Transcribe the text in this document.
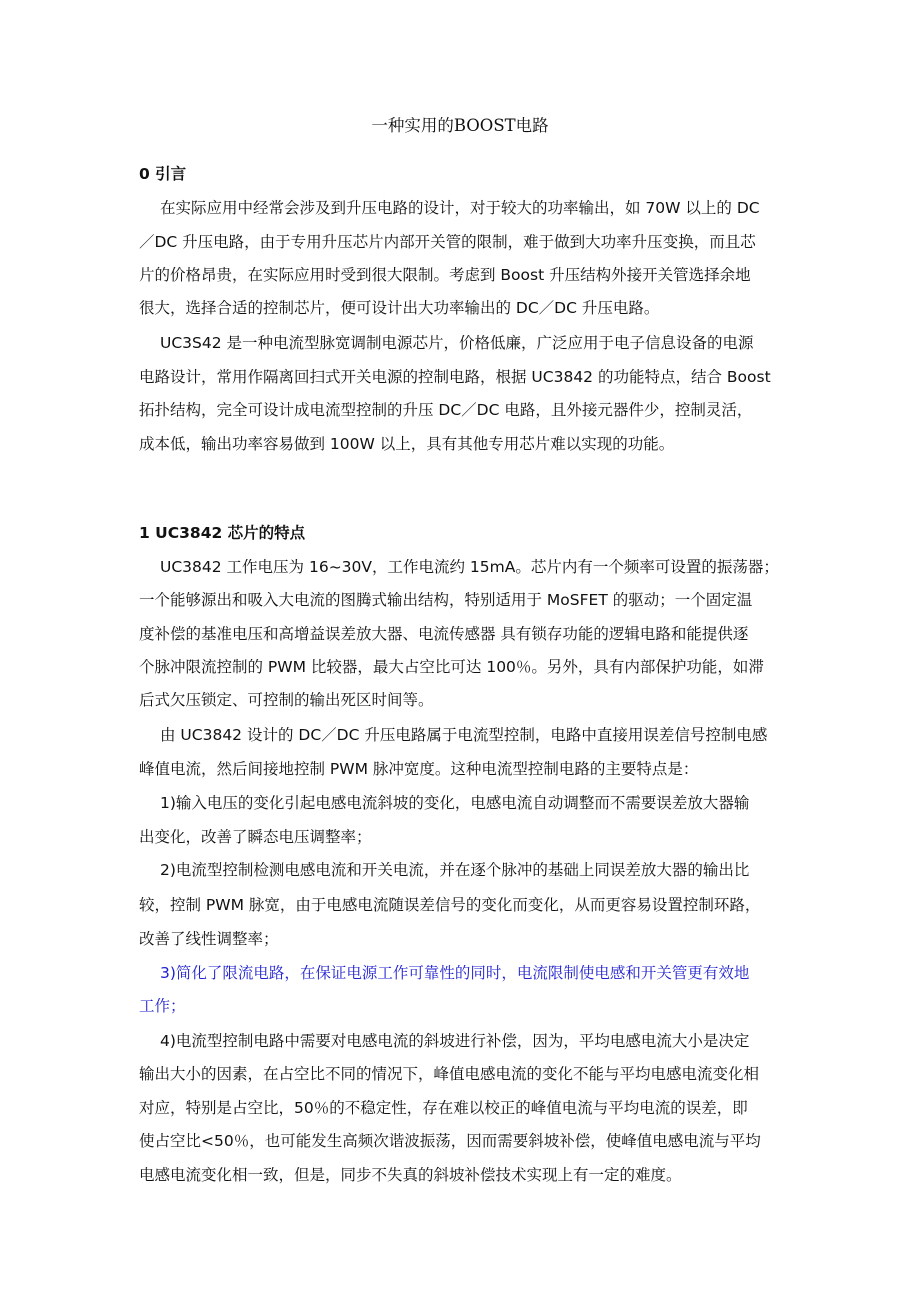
一种实用的BOOST电路
0 引言
在实际应用中经常会涉及到升压电路的设计，对于较大的功率输出，如 70W 以上的 DC
／DC 升压电路，由于专用升压芯片内部开关管的限制，难于做到大功率升压变换，而且芯
片的价格昂贵，在实际应用时受到很大限制。考虑到 Boost 升压结构外接开关管选择余地
很大，选择合适的控制芯片，便可设计出大功率输出的 DC／DC 升压电路。
UC3S42 是一种电流型脉宽调制电源芯片，价格低廉，广泛应用于电子信息设备的电源
电路设计，常用作隔离回扫式开关电源的控制电路，根据 UC3842 的功能特点，结合 Boost
拓扑结构，完全可设计成电流型控制的升压 DC／DC 电路，且外接元器件少，控制灵活，
成本低，输出功率容易做到 100W 以上，具有其他专用芯片难以实现的功能。
1 UC3842 芯片的特点
UC3842 工作电压为 16~30V，工作电流约 15mA。芯片内有一个频率可设置的振荡器；
一个能够源出和吸入大电流的图腾式输出结构，特别适用于 MoSFET 的驱动；一个固定温
度补偿的基准电压和高增益误差放大器、电流传感器 具有锁存功能的逻辑电路和能提供逐
个脉冲限流控制的 PWM 比较器，最大占空比可达 100％。另外，具有内部保护功能，如滞
后式欠压锁定、可控制的输出死区时间等。
由 UC3842 设计的 DC／DC 升压电路属于电流型控制，电路中直接用误差信号控制电感
峰值电流，然后间接地控制 PWM 脉冲宽度。这种电流型控制电路的主要特点是：
1)输入电压的变化引起电感电流斜坡的变化，电感电流自动调整而不需要误差放大器输
出变化，改善了瞬态电压调整率；
2)电流型控制检测电感电流和开关电流，并在逐个脉冲的基础上同误差放大器的输出比
较，控制 PWM 脉宽，由于电感电流随误差信号的变化而变化，从而更容易设置控制环路，
改善了线性调整率；
3)简化了限流电路，在保证电源工作可靠性的同时，电流限制使电感和开关管更有效地
工作；
4)电流型控制电路中需要对电感电流的斜坡进行补偿，因为，平均电感电流大小是决定
输出大小的因素，在占空比不同的情况下，峰值电感电流的变化不能与平均电感电流变化相
对应，特别是占空比，50％的不稳定性，存在难以校正的峰值电流与平均电流的误差，即
使占空比<50％，也可能发生高频次谐波振荡，因而需要斜坡补偿，使峰值电感电流与平均
电感电流变化相一致，但是，同步不失真的斜坡补偿技术实现上有一定的难度。
